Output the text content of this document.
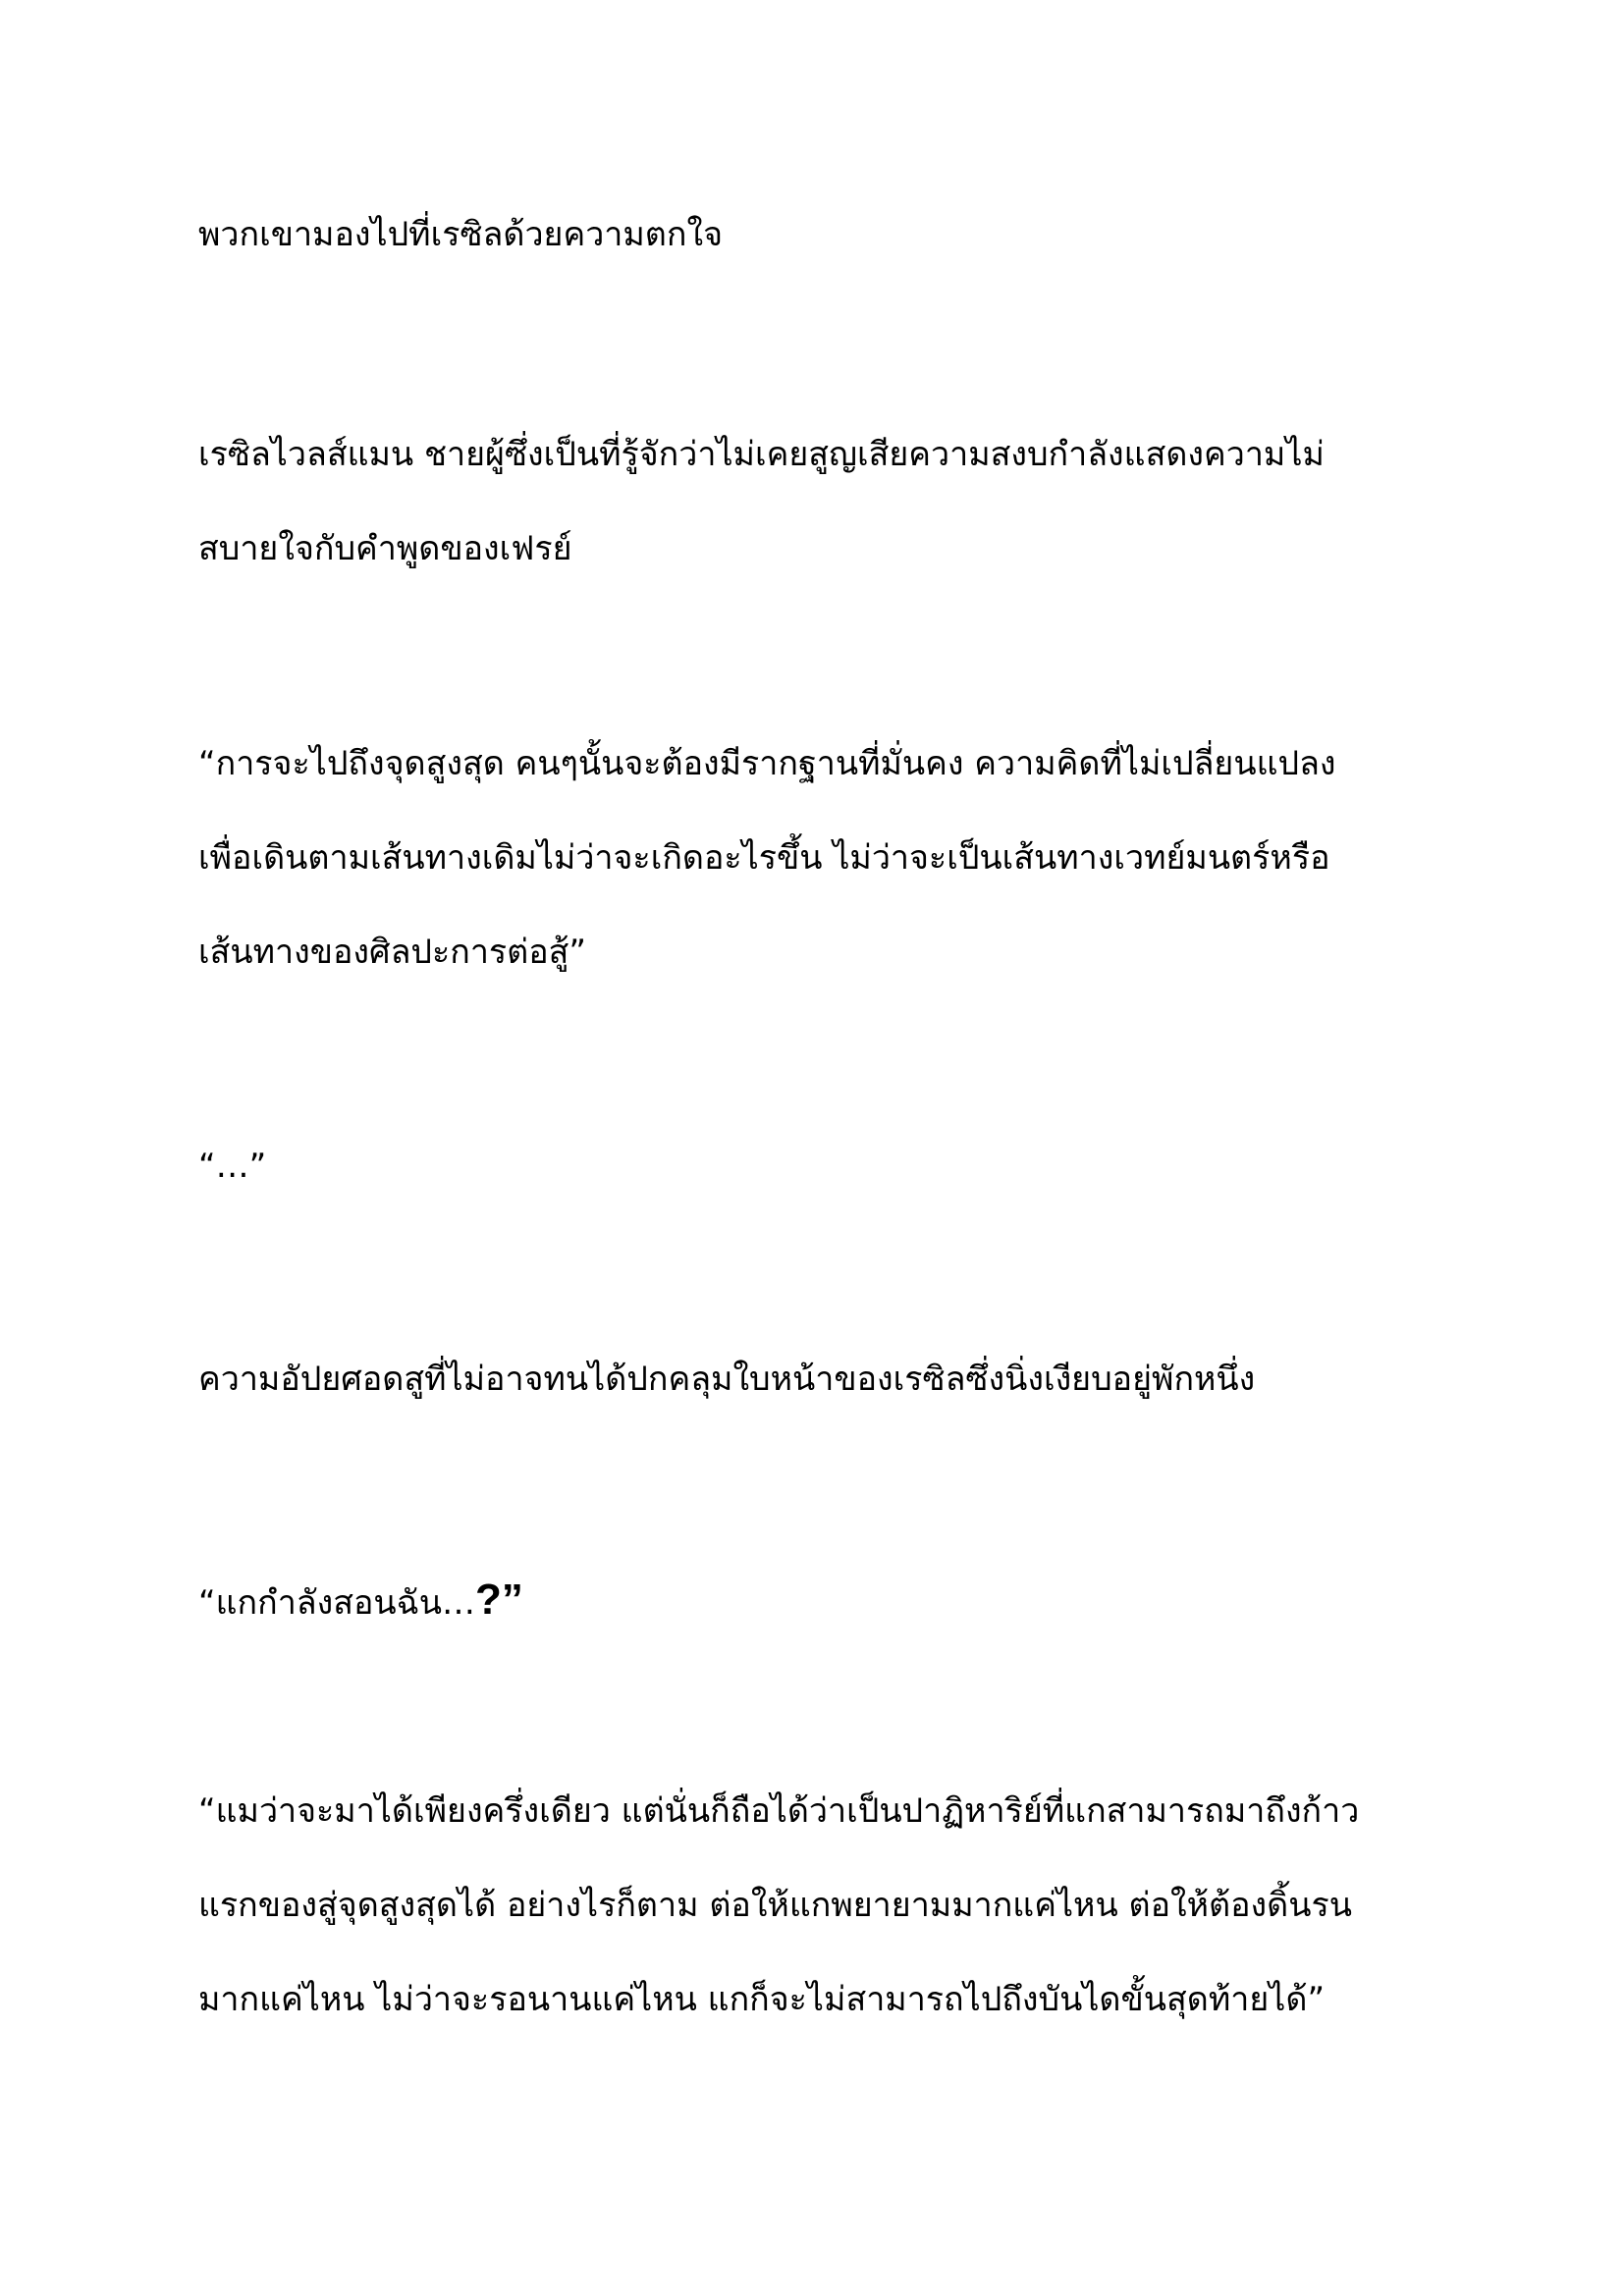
พวกเขามองไปที่เรซิลด้วยความตกใจ

เรซิลไวลส์แมน ชายผู้ซึ่งเป็นที่รู้จักว่าไม่เคยสูญเสียความสงบกำลังแสดงความไม่
สบายใจกับคำพูดของเฟรย์

“การจะไปถึงจุดสูงสุด คนๆนั้นจะต้องมีรากฐานที่มั่นคง ความคิดที่ไม่เปลี่ยนแปลง
เพื่อเดินตามเส้นทางเดิมไม่ว่าจะเกิดอะไรขึ้น ไม่ว่าจะเป็นเส้นทางเวทย์มนตร์หรือ
เส้นทางของศิลปะการต่อสู้”

“…”

ความอัปยศอดสูที่ไม่อาจทนได้ปกคลุมใบหน้าของเรซิลซึ่งนิ่งเงียบอยู่พักหนึ่ง

“แกกำลังสอนฉัน…?”

“แมว่าจะมาได้เพียงครึ่งเดียว แต่นั่นก็ถือได้ว่าเป็นปาฏิหาริย์ที่แกสามารถมาถึงก้าว
แรกของสู่จุดสูงสุดได้ อย่างไรก็ตาม ต่อให้แกพยายามมากแค่ไหน ต่อให้ต้องดิ้นรน
มากแค่ไหน ไม่ว่าจะรอนานแค่ไหน แกก็จะไม่สามารถไปถึงบันไดขั้นสุดท้ายได้”
